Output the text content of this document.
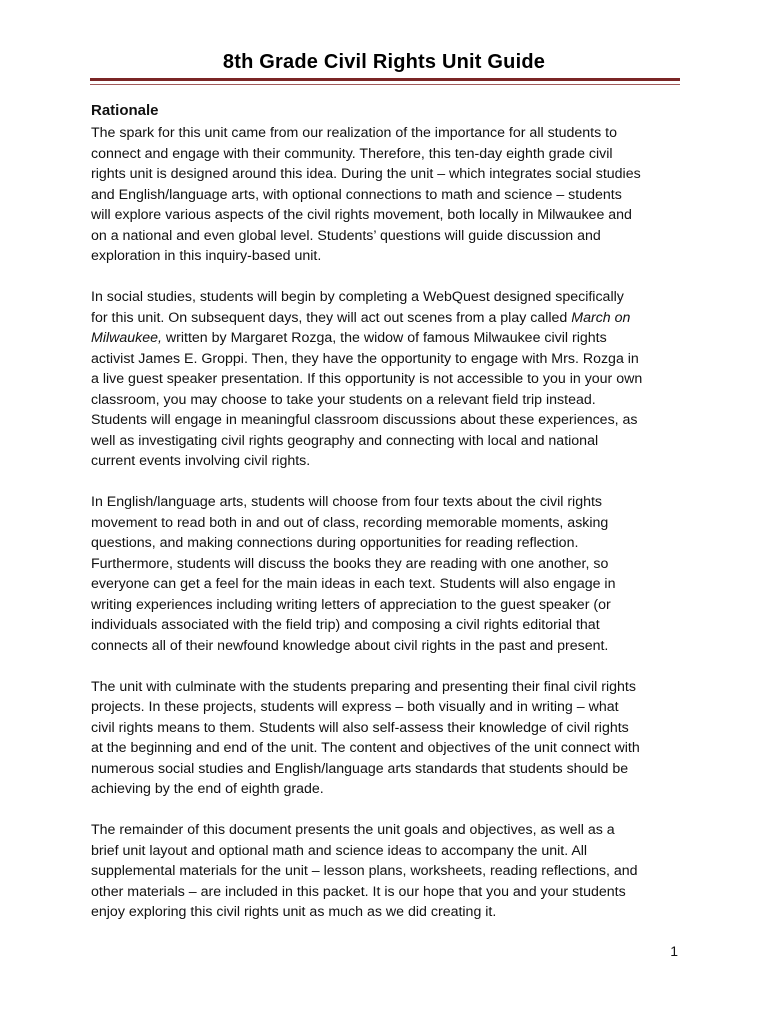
8th Grade Civil Rights Unit Guide
Rationale
The spark for this unit came from our realization of the importance for all students to
connect and engage with their community. Therefore, this ten-day eighth grade civil
rights unit is designed around this idea. During the unit – which integrates social studies
and English/language arts, with optional connections to math and science – students
will explore various aspects of the civil rights movement, both locally in Milwaukee and
on a national and even global level. Students’ questions will guide discussion and
exploration in this inquiry-based unit.
In social studies, students will begin by completing a WebQuest designed specifically
for this unit. On subsequent days, they will act out scenes from a play called March on
Milwaukee, written by Margaret Rozga, the widow of famous Milwaukee civil rights
activist James E. Groppi. Then, they have the opportunity to engage with Mrs. Rozga in
a live guest speaker presentation. If this opportunity is not accessible to you in your own
classroom, you may choose to take your students on a relevant field trip instead.
Students will engage in meaningful classroom discussions about these experiences, as
well as investigating civil rights geography and connecting with local and national
current events involving civil rights.
In English/language arts, students will choose from four texts about the civil rights
movement to read both in and out of class, recording memorable moments, asking
questions, and making connections during opportunities for reading reflection.
Furthermore, students will discuss the books they are reading with one another, so
everyone can get a feel for the main ideas in each text. Students will also engage in
writing experiences including writing letters of appreciation to the guest speaker (or
individuals associated with the field trip) and composing a civil rights editorial that
connects all of their newfound knowledge about civil rights in the past and present.
The unit with culminate with the students preparing and presenting their final civil rights
projects. In these projects, students will express – both visually and in writing – what
civil rights means to them. Students will also self-assess their knowledge of civil rights
at the beginning and end of the unit. The content and objectives of the unit connect with
numerous social studies and English/language arts standards that students should be
achieving by the end of eighth grade.
The remainder of this document presents the unit goals and objectives, as well as a
brief unit layout and optional math and science ideas to accompany the unit. All
supplemental materials for the unit – lesson plans, worksheets, reading reflections, and
other materials – are included in this packet. It is our hope that you and your students
enjoy exploring this civil rights unit as much as we did creating it.
1
